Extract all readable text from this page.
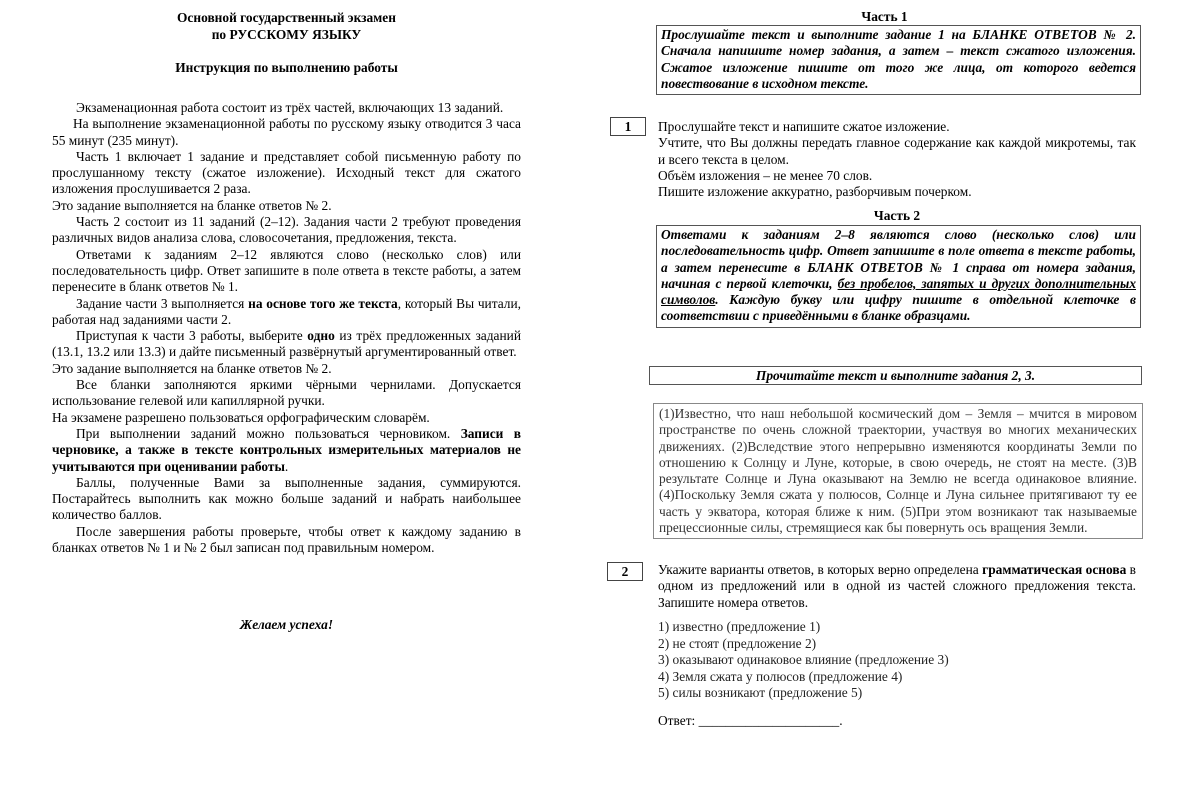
Основной государственный экзамен
по РУССКОМУ ЯЗЫКУ
Инструкция по выполнению работы

Экзаменационная работа состоит из трёх частей, включающих 13 заданий.

На выполнение экзаменационной работы по русскому языку отводится 3 часа 55 минут (235 минут).

Часть 1 включает 1 задание и представляет собой письменную работу по прослушанному тексту (сжатое изложение). Исходный текст для сжатого изложения прослушивается 2 раза.

Это задание выполняется на бланке ответов № 2.

Часть 2 состоит из 11 заданий (2–12). Задания части 2 требуют проведения различных видов анализа слова, словосочетания, предложения, текста.

Ответами к заданиям 2–12 являются слово (несколько слов) или последовательность цифр. Ответ запишите в поле ответа в тексте работы, а затем перенесите в бланк ответов № 1.

Задание части 3 выполняется на основе того же текста, который Вы читали, работая над заданиями части 2.

Приступая к части 3 работы, выберите одно из трёх предложенных заданий (13.1, 13.2 или 13.3) и дайте письменный развёрнутый аргументированный ответ.

Это задание выполняется на бланке ответов № 2.

Все бланки заполняются яркими чёрными чернилами. Допускается использование гелевой или капиллярной ручки.

На экзамене разрешено пользоваться орфографическим словарём.

При выполнении заданий можно пользоваться черновиком. Записи в черновике, а также в тексте контрольных измерительных материалов не учитываются при оценивании работы.

Баллы, полученные Вами за выполненные задания, суммируются. Постарайтесь выполнить как можно больше заданий и набрать наибольшее количество баллов.

После завершения работы проверьте, чтобы ответ к каждому заданию в бланках ответов № 1 и № 2 был записан под правильным номером.

Желаем успеха!
Часть 1
Прослушайте текст и выполните задание 1 на БЛАНКЕ ОТВЕТОВ № 2. Сначала напишите номер задания, а затем – текст сжатого изложения. Сжатое изложение пишите от того же лица, от которого ведется повествование в исходном тексте.
1	Прослушайте текст и напишите сжатое изложение.

Учтите, что Вы должны передать главное содержание как каждой микротемы, так и всего текста в целом.

Объём изложения – не менее 70 слов.

Пишите изложение аккуратно, разборчивым почерком.

Часть 2
Ответами к заданиям 2–8 являются слово (несколько слов) или последовательность цифр. Ответ запишите в поле ответа в тексте работы, а затем перенесите в БЛАНК ОТВЕТОВ № 1 справа от номера задания, начиная с первой клеточки, без пробелов, запятых и других дополнительных символов. Каждую букву или цифру пишите в отдельной клеточке в соответствии с приведёнными в бланке образцами.
Прочитайте текст и выполните задания 2, 3.
(1)Известно, что наш небольшой космический дом – Земля – мчится в мировом пространстве по очень сложной траектории, участвуя во многих механических движениях. (2)Вследствие этого непрерывно изменяются координаты Земли по отношению к Солнцу и Луне, которые, в свою очередь, не стоят на месте. (3)В результате Солнце и Луна оказывают на Землю не всегда одинаковое влияние. (4)Поскольку Земля сжата у полюсов, Солнце и Луна сильнее притягивают ту ее часть у экватора, которая ближе к ним. (5)При этом возникают так называемые прецессионные силы, стремящиеся как бы повернуть ось вращения Земли.
2	Укажите варианты ответов, в которых верно определена грамматическая основа в одном из предложений или в одной из частей сложного предложения текста. Запишите номера ответов.

1) известно (предложение 1)

2) не стоят (предложение 2)

3) оказывают одинаковое влияние (предложение 3)

4) Земля сжата у полюсов (предложение 4)

5) силы возникают (предложение 5)

Ответ: _____________________.
